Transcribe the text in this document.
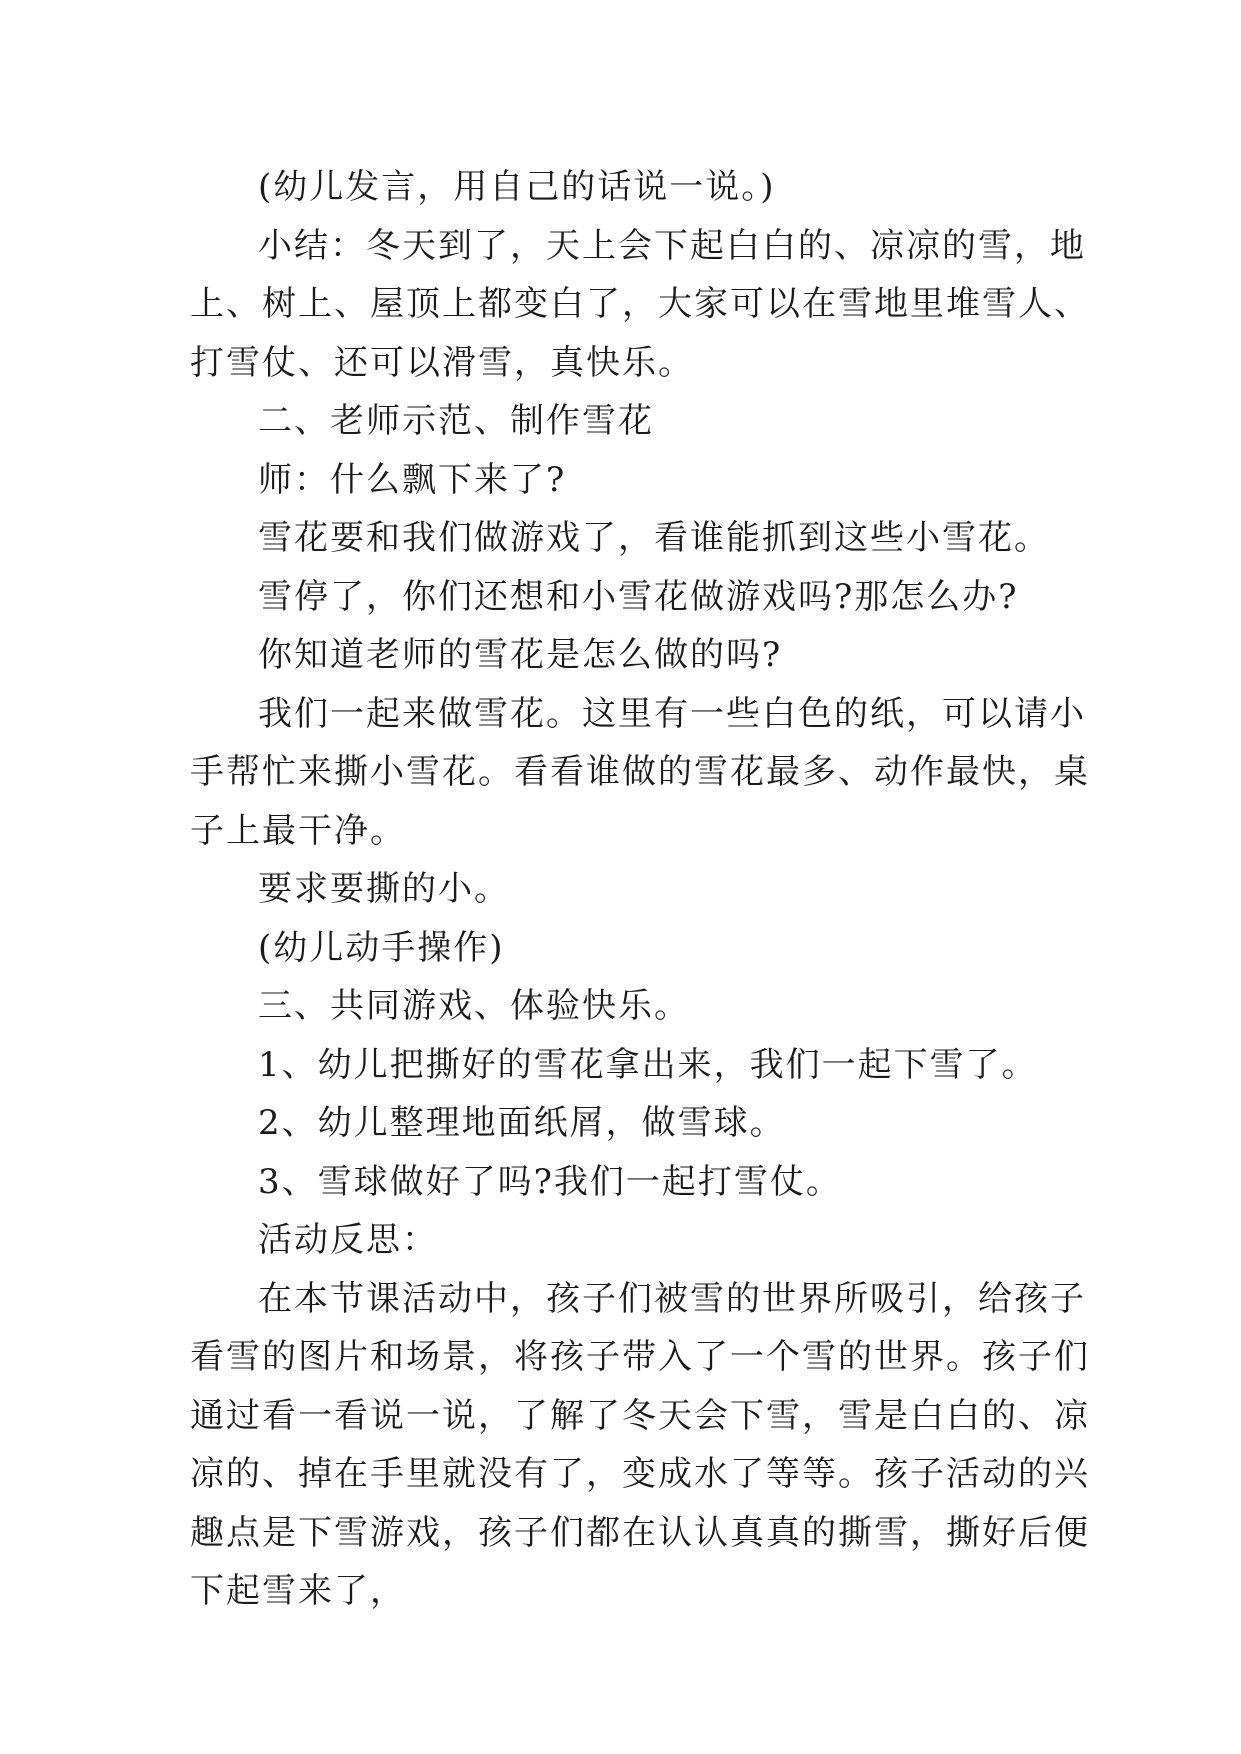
(幼儿发言，用自己的话说一说。)

小结：冬天到了，天上会下起白白的、凉凉的雪，地上、树上、屋顶上都变白了，大家可以在雪地里堆雪人、打雪仗、还可以滑雪，真快乐。

二、老师示范、制作雪花

师：什么飘下来了?

雪花要和我们做游戏了，看谁能抓到这些小雪花。

雪停了，你们还想和小雪花做游戏吗?那怎么办?

你知道老师的雪花是怎么做的吗?

我们一起来做雪花。这里有一些白色的纸，可以请小手帮忙来撕小雪花。看看谁做的雪花最多、动作最快，桌子上最干净。

要求要撕的小。

(幼儿动手操作)

三、共同游戏、体验快乐。

1、幼儿把撕好的雪花拿出来，我们一起下雪了。

2、幼儿整理地面纸屑，做雪球。

3、雪球做好了吗?我们一起打雪仗。

活动反思：

在本节课活动中，孩子们被雪的世界所吸引，给孩子看雪的图片和场景，将孩子带入了一个雪的世界。孩子们通过看一看说一说，了解了冬天会下雪，雪是白白的、凉凉的、掉在手里就没有了，变成水了等等。孩子活动的兴趣点是下雪游戏，孩子们都在认认真真的撕雪，撕好后便下起雪来了，
